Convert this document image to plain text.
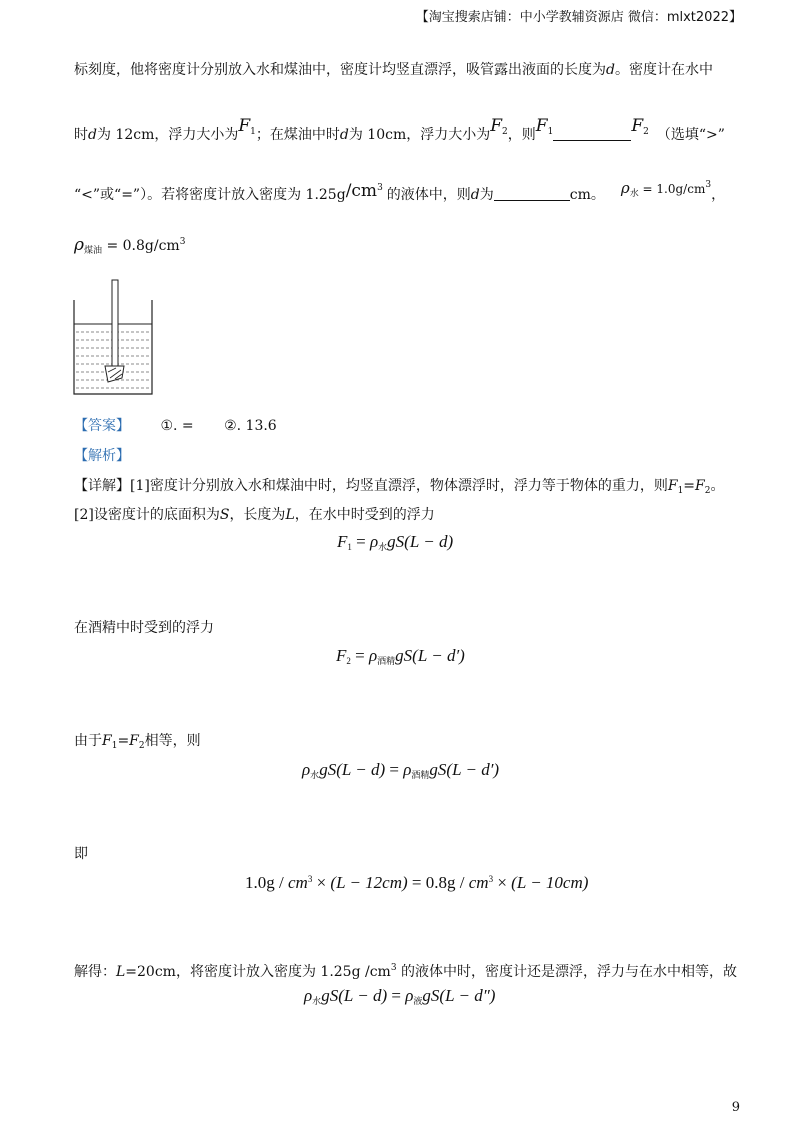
【淘宝搜索店铺：中小学教辅资源店 微信：mlxt2022】
标刻度，他将密度计分别放入水和煤油中，密度计均竖直漂浮，吸管露出液面的长度为d。密度计在水中
时d为 12cm，浮力大小为$F_1$；在煤油中时d为 10cm，浮力大小为$F_2$，则$F_1$	$F_2$ （选填“>”
“<”或“=”）。若将密度计放入密度为 $1.25g/cm^3$ 的液体中，则d为	cm。 $\rho_水 = 1.0g/cm^3$，
$\rho_{煤油} = 0.8g/cm^3$
【答案】 ①. = ②. 13.6
【解析】
【详解】[1]密度计分别放入水和煤油中时，均竖直漂浮，物体漂浮时，浮力等于物体的重力，则$F_1=F_2$。
[2]设密度计的底面积为S，长度为L，在水中时受到的浮力
$F_1 = \rho_水gS(L - d)$
在酒精中时受到的浮力
$F_2 = \rho_{酒精}gS(L - d')$
由于$F_1=F_2$相等，则
$\rho_水gS(L - d) = \rho_{酒精}gS(L - d')$
即
$1.0g / cm^3 \times (L - 12cm) = 0.8g / cm^3 \times (L - 10cm)$
解得：L=20cm，将密度计放入密度为 1.25g $/cm^3$ 的液体中时，密度计还是漂浮，浮力与在水中相等，故
$\rho_水gS(L - d) = \rho_液gS(L - d'')$
9
